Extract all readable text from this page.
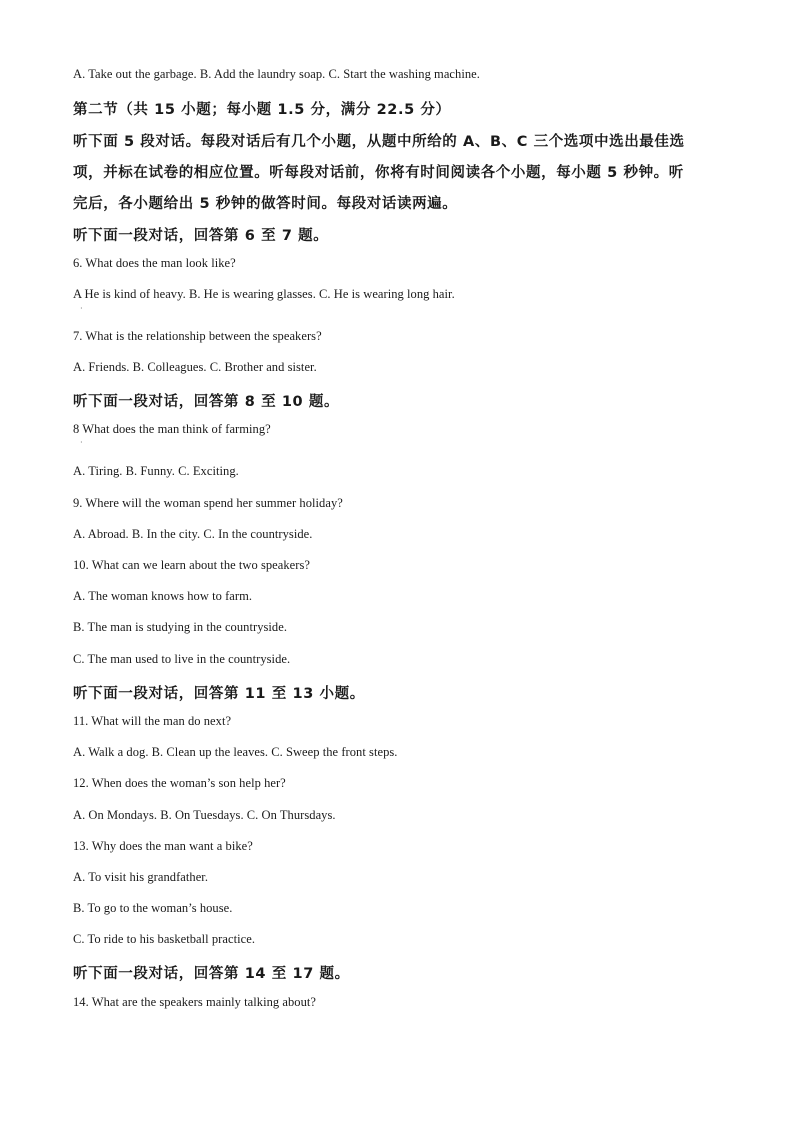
A. Take out the garbage. B. Add the laundry soap. C. Start the washing machine.
第二节（共 15 小题；每小题 1.5 分，满分 22.5 分）
听下面 5 段对话。每段对话后有几个小题，从题中所给的 A、B、C 三个选项中选出最佳选
项，并标在试卷的相应位置。听每段对话前，你将有时间阅读各个小题，每小题 5 秒钟。听
完后，各小题给出 5 秒钟的做答时间。每段对话读两遍。
听下面一段对话，回答第 6 至 7 题。
6. What does the man look like?
A He is kind of heavy. B. He is wearing glasses. C. He is wearing long hair.
·
7. What is the relationship between the speakers?
A. Friends. B. Colleagues. C. Brother and sister.
听下面一段对话，回答第 8 至 10 题。
8 What does the man think of farming?
·
A. Tiring. B. Funny. C. Exciting.
9. Where will the woman spend her summer holiday?
A. Abroad. B. In the city. C. In the countryside.
10. What can we learn about the two speakers?
A. The woman knows how to farm.
B. The man is studying in the countryside.
C. The man used to live in the countryside.
听下面一段对话，回答第 11 至 13 小题。
11. What will the man do next?
A. Walk a dog. B. Clean up the leaves. C. Sweep the front steps.
12. When does the woman’s son help her?
A. On Mondays. B. On Tuesdays. C. On Thursdays.
13. Why does the man want a bike?
A. To visit his grandfather.
B. To go to the woman’s house.
C. To ride to his basketball practice.
听下面一段对话，回答第 14 至 17 题。
14. What are the speakers mainly talking about?
